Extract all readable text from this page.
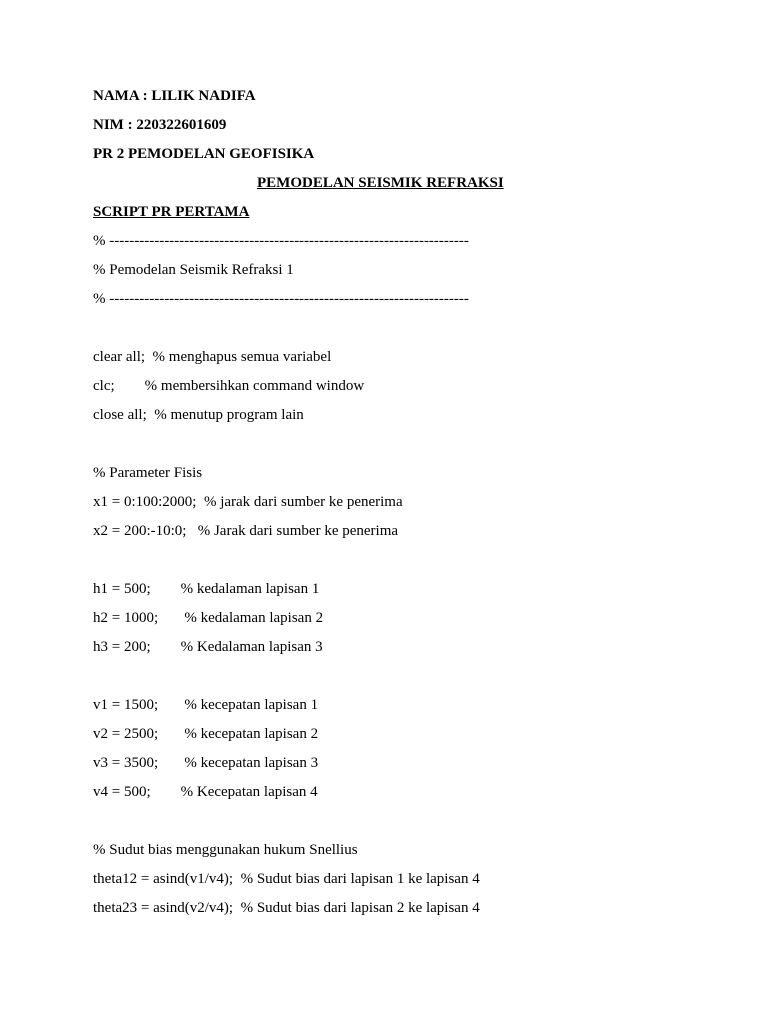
NAMA : LILIK NADIFA
NIM : 220322601609
PR 2 PEMODELAN GEOFISIKA
PEMODELAN SEISMIK REFRAKSI
SCRIPT PR PERTAMA
% ------------------------------------------------------------------------
% Pemodelan Seismik Refraksi 1
% ------------------------------------------------------------------------
clear all;  % menghapus semua variabel
clc;        % membersihkan command window
close all;  % menutup program lain
% Parameter Fisis
x1 = 0:100:2000;  % jarak dari sumber ke penerima
x2 = 200:-10:0;   % Jarak dari sumber ke penerima
h1 = 500;        % kedalaman lapisan 1
h2 = 1000;       % kedalaman lapisan 2
h3 = 200;        % Kedalaman lapisan 3
v1 = 1500;       % kecepatan lapisan 1
v2 = 2500;       % kecepatan lapisan 2
v3 = 3500;       % kecepatan lapisan 3
v4 = 500;        % Kecepatan lapisan 4
% Sudut bias menggunakan hukum Snellius
theta12 = asind(v1/v4);  % Sudut bias dari lapisan 1 ke lapisan 4
theta23 = asind(v2/v4);  % Sudut bias dari lapisan 2 ke lapisan 4
